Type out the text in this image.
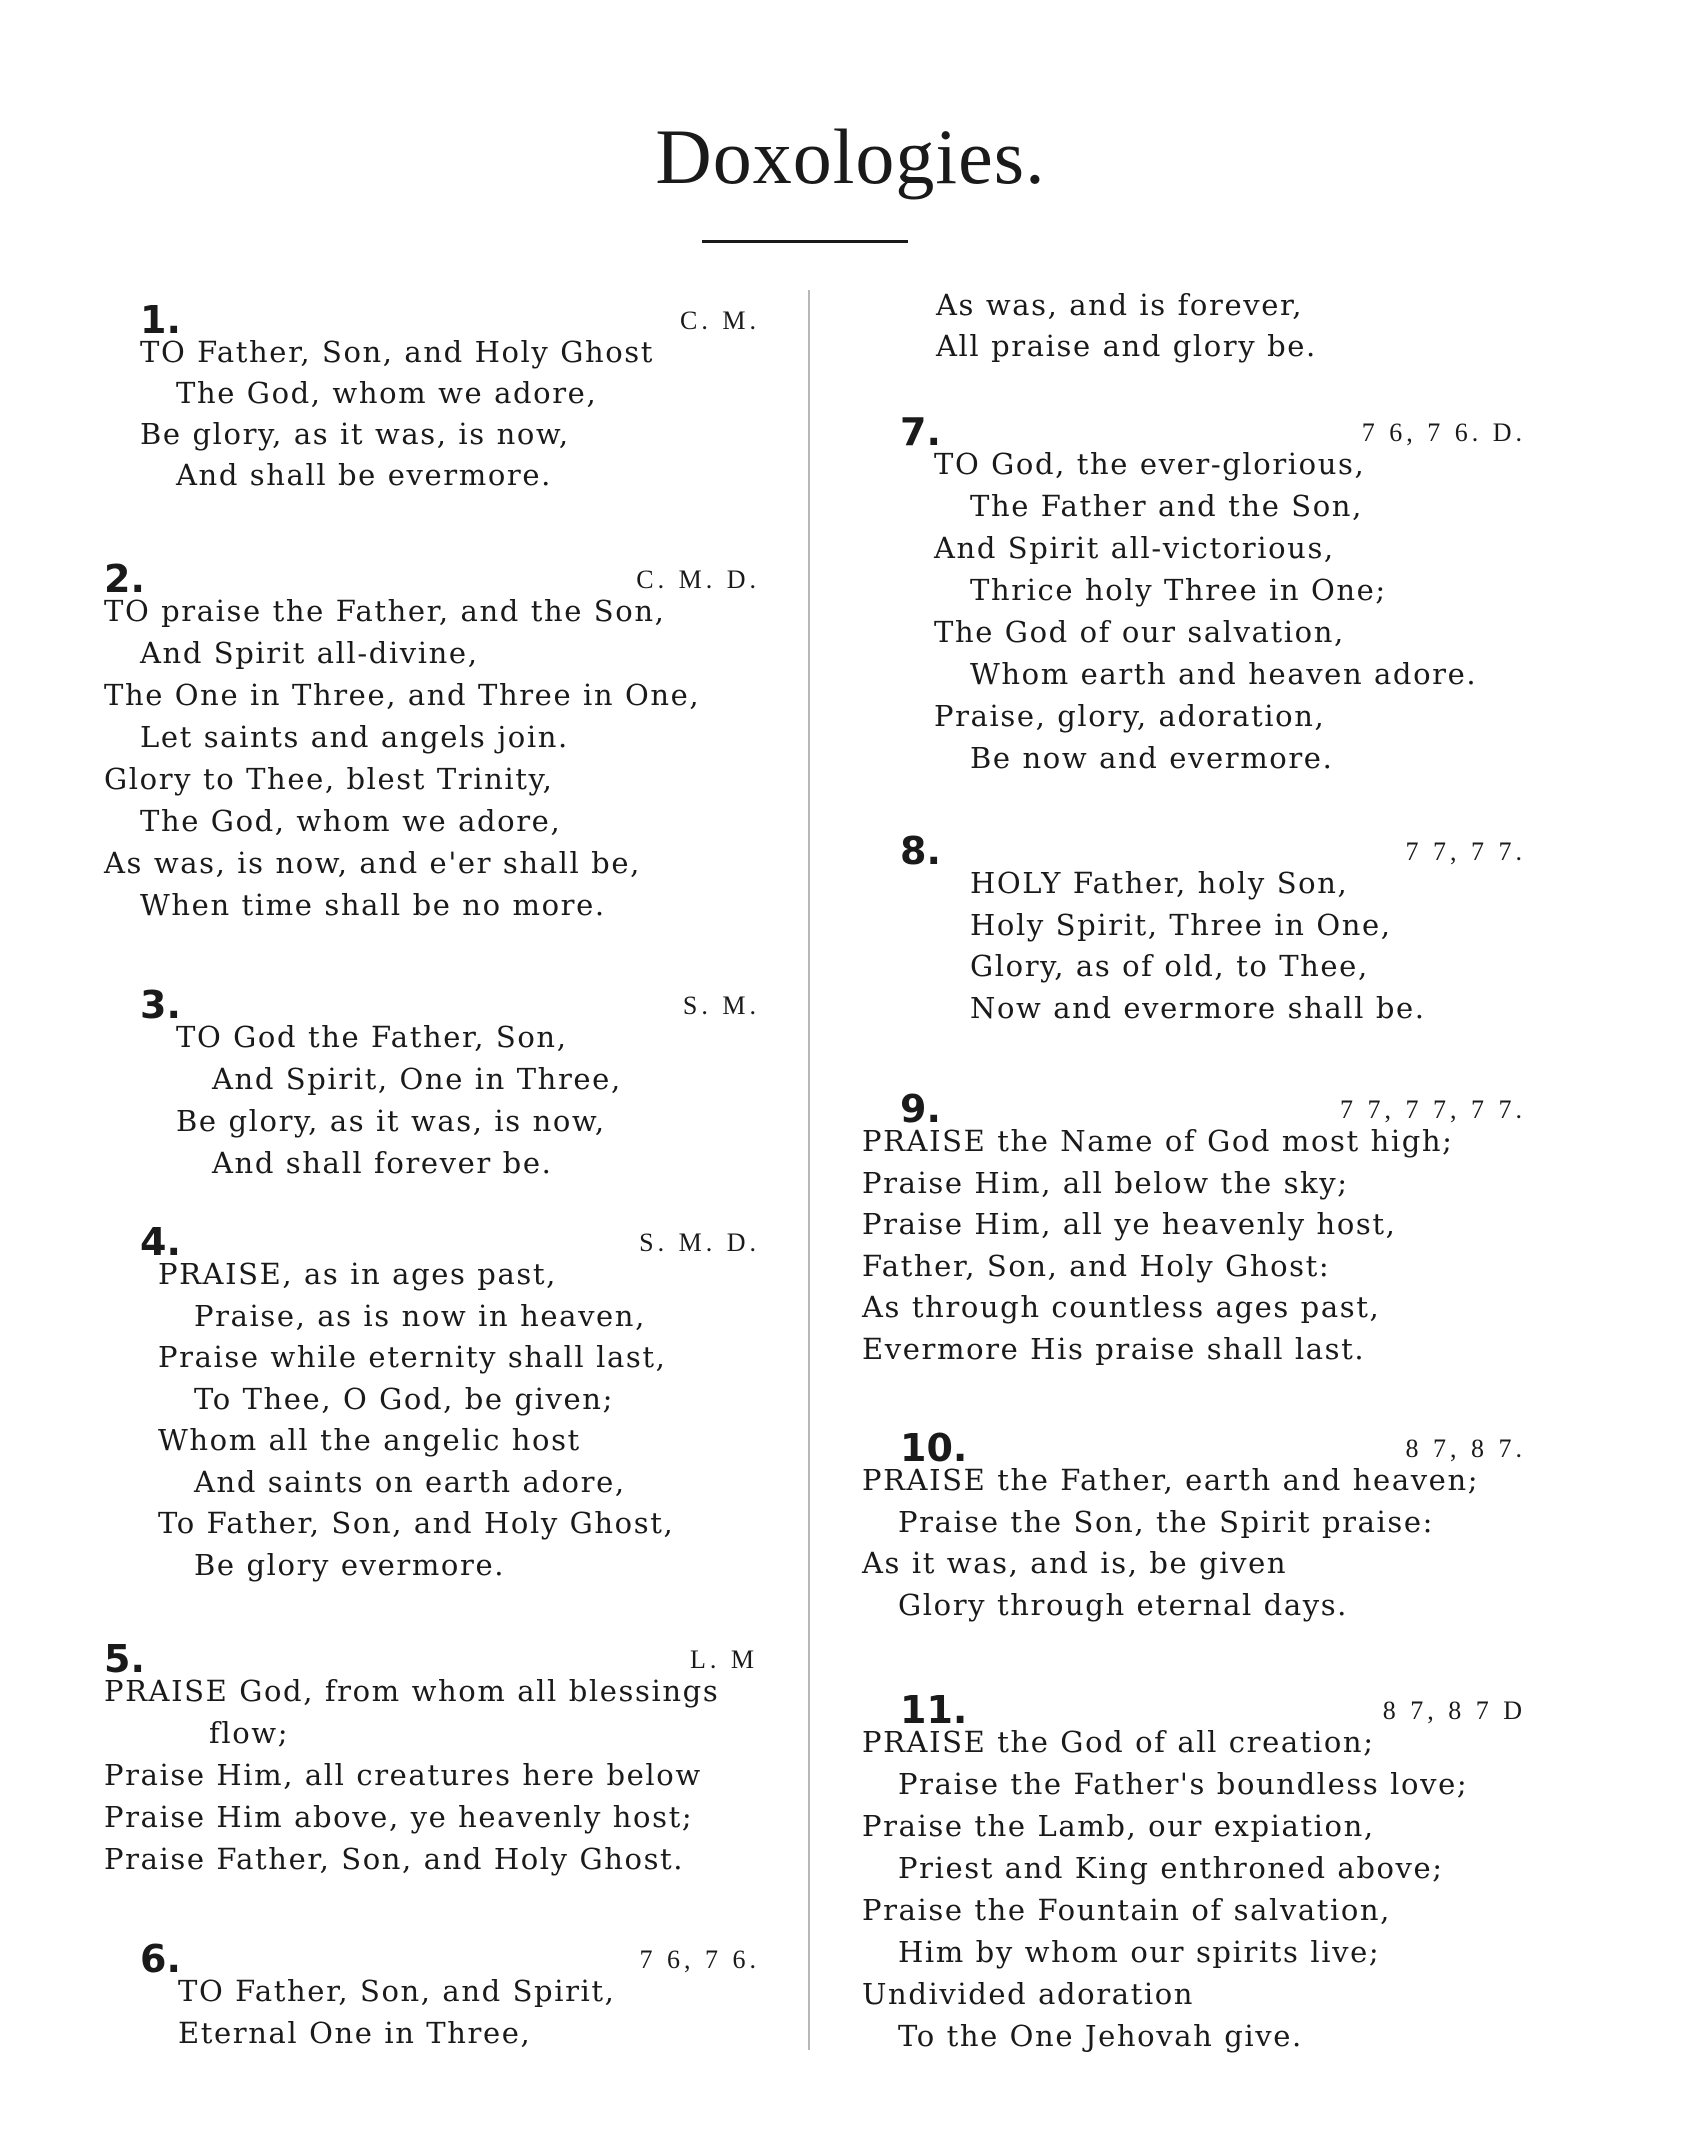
Doxologies.
1.	C. M.
TO Father, Son, and Holy Ghost
The God, whom we adore,
Be glory, as it was, is now,
And shall be evermore.
2.	C. M. D.
TO praise the Father, and the Son,
And Spirit all-divine,
The One in Three, and Three in One,
Let saints and angels join.
Glory to Thee, blest Trinity,
The God, whom we adore,
As was, is now, and e'er shall be,
When time shall be no more.
3.	S. M.
TO God the Father, Son,
And Spirit, One in Three,
Be glory, as it was, is now,
And shall forever be.
4.	S. M. D.
PRAISE, as in ages past,
Praise, as is now in heaven,
Praise while eternity shall last,
To Thee, O God, be given;
Whom all the angelic host
And saints on earth adore,
To Father, Son, and Holy Ghost,
Be glory evermore.
5.	L. M
PRAISE God, from whom all blessings
flow;
Praise Him, all creatures here below
Praise Him above, ye heavenly host;
Praise Father, Son, and Holy Ghost.
6.	7 6, 7 6.
TO Father, Son, and Spirit,
Eternal One in Three,
As was, and is forever,
All praise and glory be.
7.	7 6, 7 6. D.
TO God, the ever-glorious,
The Father and the Son,
And Spirit all-victorious,
Thrice holy Three in One;
The God of our salvation,
Whom earth and heaven adore.
Praise, glory, adoration,
Be now and evermore.
8.	7 7, 7 7.
HOLY Father, holy Son,
Holy Spirit, Three in One,
Glory, as of old, to Thee,
Now and evermore shall be.
9.	7 7, 7 7, 7 7.
PRAISE the Name of God most high;
Praise Him, all below the sky;
Praise Him, all ye heavenly host,
Father, Son, and Holy Ghost:
As through countless ages past,
Evermore His praise shall last.
10.	8 7, 8 7.
PRAISE the Father, earth and heaven;
Praise the Son, the Spirit praise:
As it was, and is, be given
Glory through eternal days.
11.	8 7, 8 7 D
PRAISE the God of all creation;
Praise the Father's boundless love;
Praise the Lamb, our expiation,
Priest and King enthroned above;
Praise the Fountain of salvation,
Him by whom our spirits live;
Undivided adoration
To the One Jehovah give.
